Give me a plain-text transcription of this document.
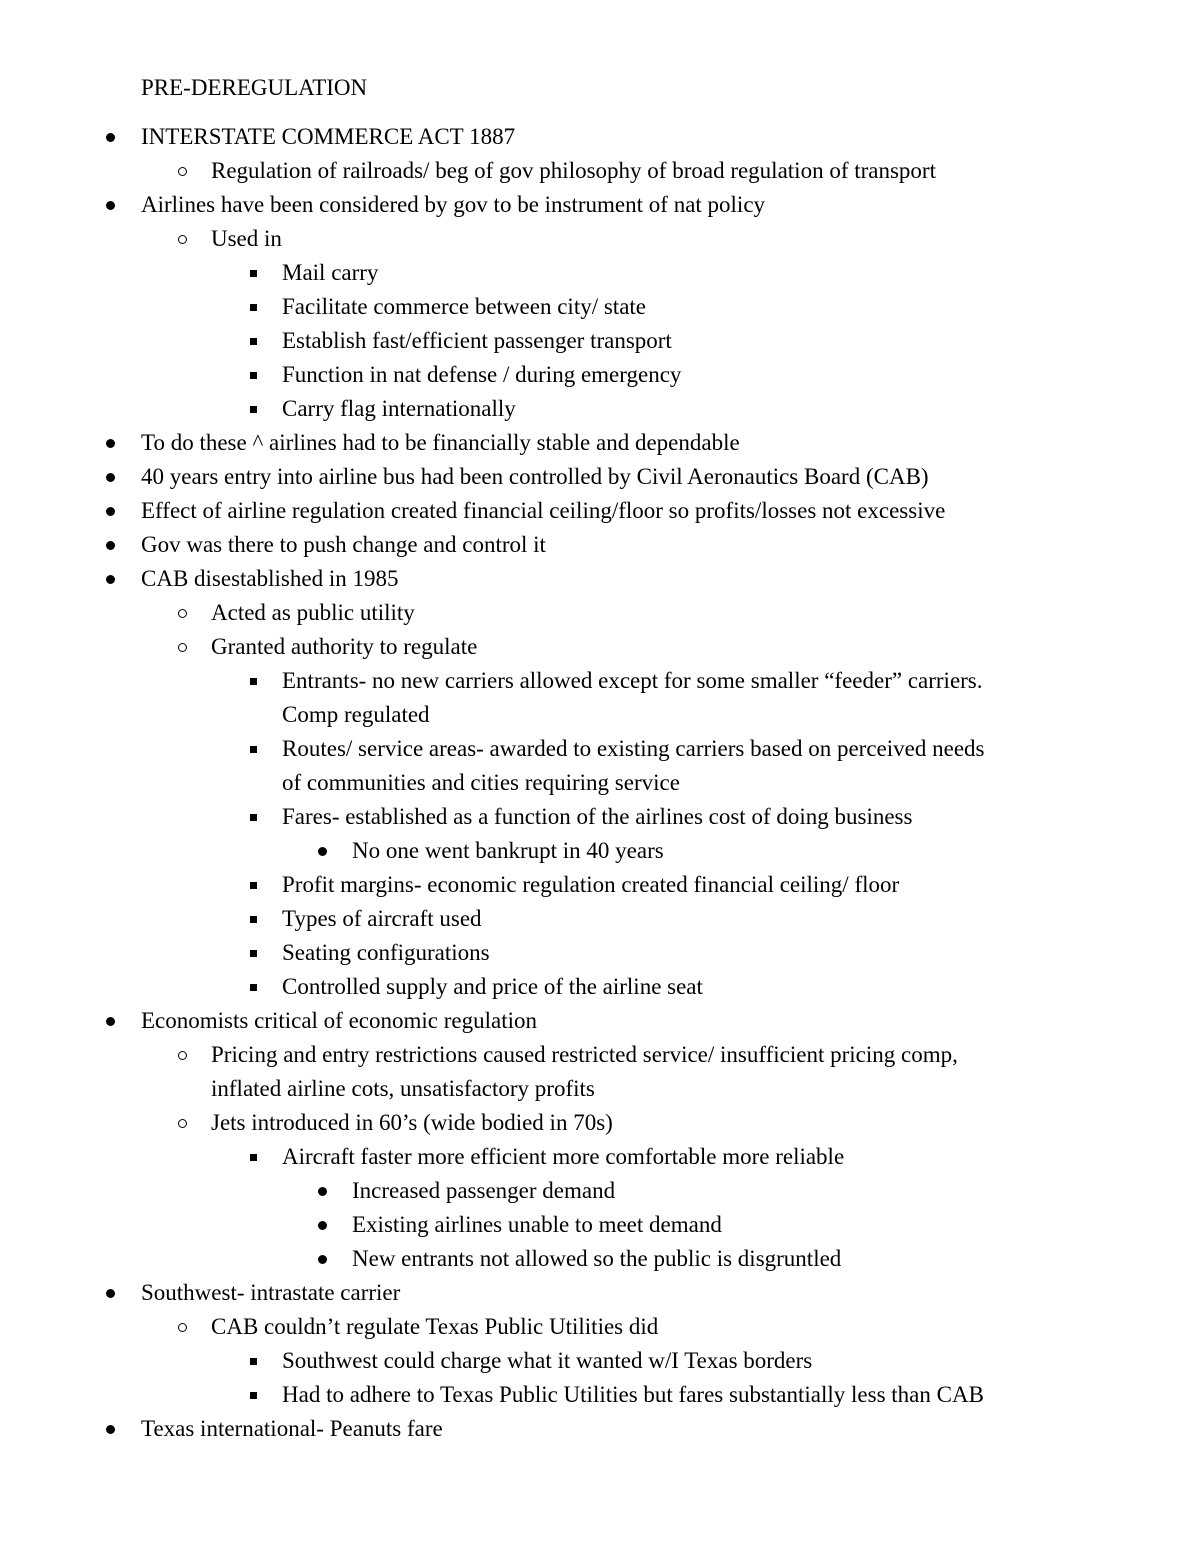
PRE-DEREGULATION
INTERSTATE COMMERCE ACT 1887
Regulation of railroads/ beg of gov philosophy of broad regulation of transport
Airlines have been considered by gov to be instrument of nat policy
Used in
Mail carry
Facilitate commerce between city/ state
Establish fast/efficient passenger transport
Function in nat defense / during emergency
Carry flag internationally
To do these ^ airlines had to be financially stable and dependable
40 years entry into airline bus had been controlled by Civil Aeronautics Board (CAB)
Effect of airline regulation created financial ceiling/floor so profits/losses not excessive
Gov was there to push change and control it
CAB disestablished in 1985
Acted as public utility
Granted authority to regulate
Entrants- no new carriers allowed except for some smaller “feeder” carriers.
Comp regulated
Routes/ service areas- awarded to existing carriers based on perceived needs
of communities and cities requiring service
Fares- established as a function of the airlines cost of doing business
No one went bankrupt in 40 years
Profit margins- economic regulation created financial ceiling/ floor
Types of aircraft used
Seating configurations
Controlled supply and price of the airline seat
Economists critical of economic regulation
Pricing and entry restrictions caused restricted service/ insufficient pricing comp,
inflated airline cots, unsatisfactory profits
Jets introduced in 60’s (wide bodied in 70s)
Aircraft faster more efficient more comfortable more reliable
Increased passenger demand
Existing airlines unable to meet demand
New entrants not allowed so the public is disgruntled
Southwest- intrastate carrier
CAB couldn’t regulate Texas Public Utilities did
Southwest could charge what it wanted w/I Texas borders
Had to adhere to Texas Public Utilities but fares substantially less than CAB
Texas international- Peanuts fare
